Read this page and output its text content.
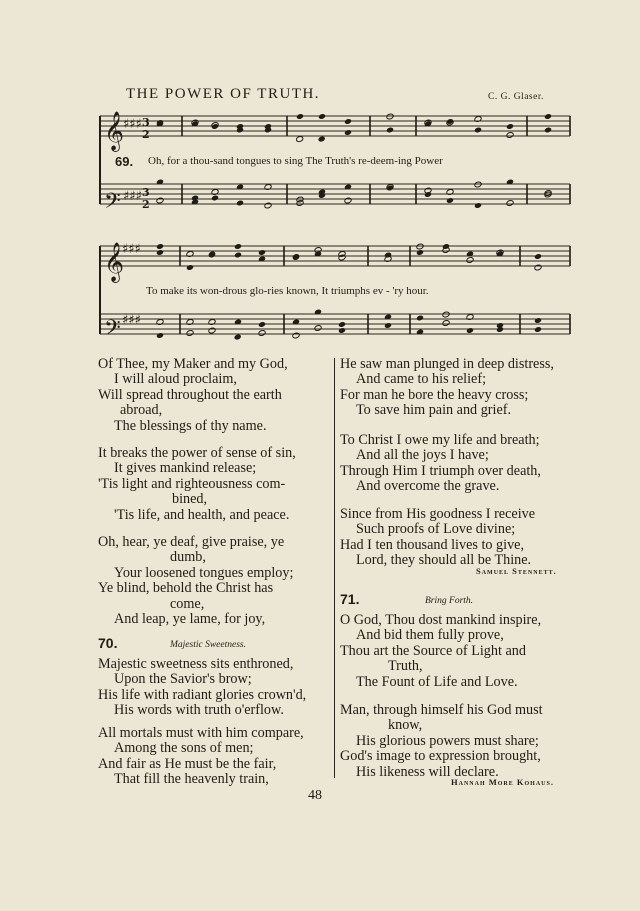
THE POWER OF TRUTH.	C. G. Glaser.
𝄞
𝄢
𝄞
𝄢
♯♯♯
♯♯♯
♯♯♯
♯♯♯
3
2
3
2
69. Oh, for a thou-sand tongues to sing The Truth's re-deem-ing Power
To make its won-drous glo-ries known, It triumphs ev - 'ry hour.
Of Thee, my Maker and my God,
I will aloud proclaim,
Will spread throughout the earth
abroad,
The blessings of thy name.
It breaks the power of sense of sin,
It gives mankind release;
'Tis light and righteousness com-
bined,
'Tis life, and health, and peace.
Oh, hear, ye deaf, give praise, ye
dumb,
Your loosened tongues employ;
Ye blind, behold the Christ has
come,
And leap, ye lame, for joy,
70.	Majestic Sweetness.
Majestic sweetness sits enthroned,
Upon the Savior's brow;
His life with radiant glories crown'd,
His words with truth o'erflow.
All mortals must with him compare,
Among the sons of men;
And fair as He must be the fair,
That fill the heavenly train,
He saw man plunged in deep distress,
And came to his relief;
For man he bore the heavy cross;
To save him pain and grief.
To Christ I owe my life and breath;
And all the joys I have;
Through Him I triumph over death,
And overcome the grave.
Since from His goodness I receive
Such proofs of Love divine;
Had I ten thousand lives to give,
Lord, they should all be Thine.
Samuel Stennett.
71.	Bring Forth.
O God, Thou dost mankind inspire,
And bid them fully prove,
Thou art the Source of Light and
Truth,
The Fount of Life and Love.
Man, through himself his God must
know,
His glorious powers must share;
God's image to expression brought,
His likeness will declare.
Hannah More Kohaus.
48
